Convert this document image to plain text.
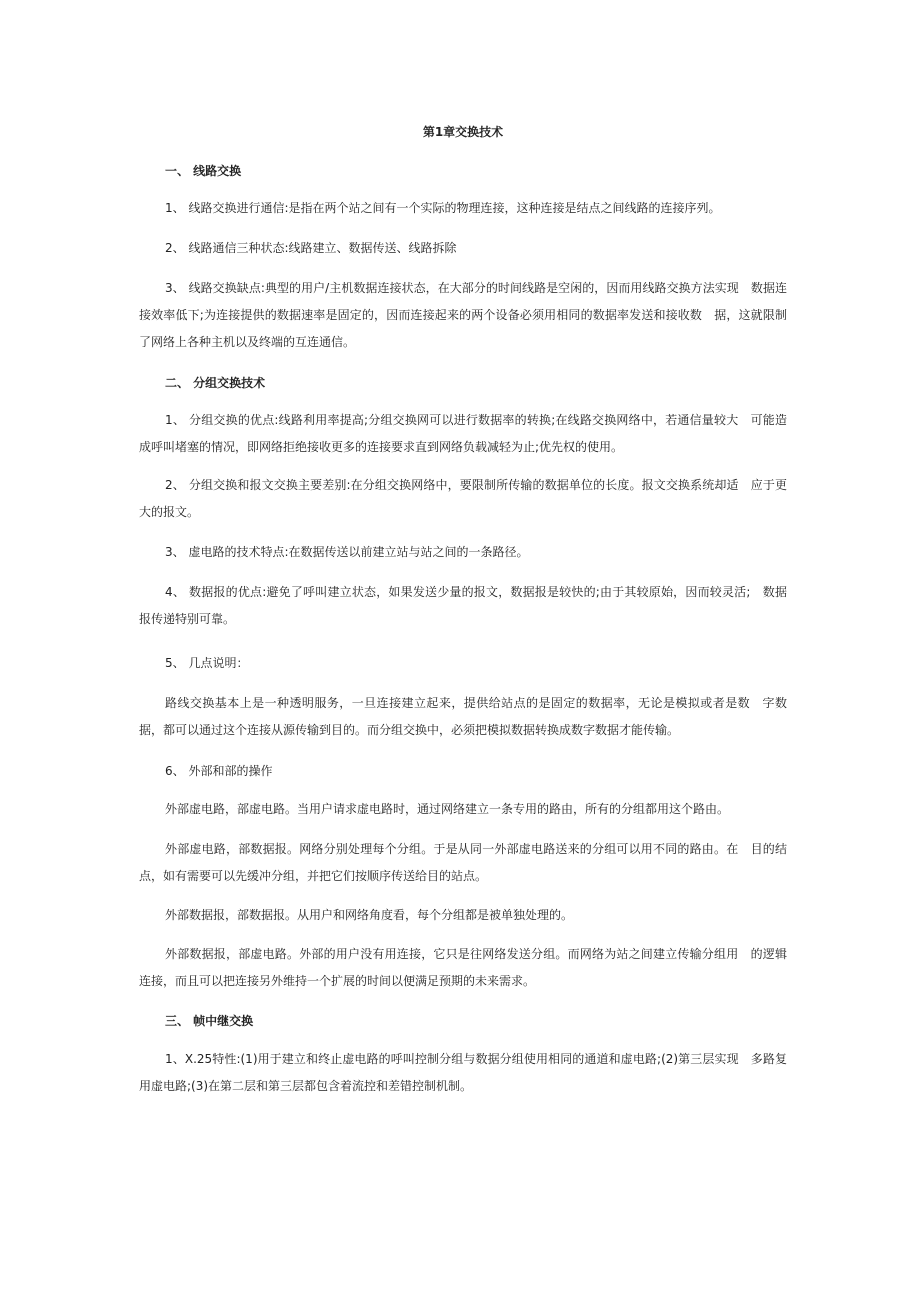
第1章交换技术
一、 线路交换

1、 线路交换进行通信:是指在两个站之间有一个实际的物理连接，这种连接是结点之间线路的连接序列。

2、 线路通信三种状态:线路建立、数据传送、线路拆除

3、 线路交换缺点:典型的用户/主机数据连接状态，在大部分的时间线路是空闲的，因而用线路交换方法实现　数据连接效率低下;为连接提供的数据速率是固定的，因而连接起来的两个设备必须用相同的数据率发送和接收数　据，这就限制了网络上各种主机以及终端的互连通信。

二、 分组交换技术

1、 分组交换的优点:线路利用率提高;分组交换网可以进行数据率的转换;在线路交换网络中，若通信量较大　可能造成呼叫堵塞的情况，即网络拒绝接收更多的连接要求直到网络负载减轻为止;优先权的使用。

2、 分组交换和报文交换主要差别:在分组交换网络中，要限制所传输的数据单位的长度。报文交换系统却适　应于更大的报文。

3、 虚电路的技术特点:在数据传送以前建立站与站之间的一条路径。

4、 数据报的优点:避免了呼叫建立状态，如果发送少量的报文，数据报是较快的;由于其较原始，因而较灵活;　数据报传递特别可靠。

5、 几点说明：

路线交换基本上是一种透明服务，一旦连接建立起来，提供给站点的是固定的数据率，无论是模拟或者是数　字数据，都可以通过这个连接从源传输到目的。而分组交换中，必须把模拟数据转换成数字数据才能传输。

6、 外部和部的操作

外部虚电路，部虚电路。当用户请求虚电路时，通过网络建立一条专用的路由，所有的分组都用这个路由。

外部虚电路，部数据报。网络分别处理每个分组。于是从同一外部虚电路送来的分组可以用不同的路由。在　目的结点，如有需要可以先缓冲分组，并把它们按顺序传送给目的站点。

外部数据报，部数据报。从用户和网络角度看，每个分组都是被单独处理的。

外部数据报，部虚电路。外部的用户没有用连接，它只是往网络发送分组。而网络为站之间建立传输分组用　的逻辑连接，而且可以把连接另外维持一个扩展的时间以便满足预期的未来需求。

三、 帧中继交换

1、X.25特性:(1)用于建立和终止虚电路的呼叫控制分组与数据分组使用相同的通道和虚电路;(2)第三层实现　多路复用虚电路;(3)在第二层和第三层都包含着流控和差错控制机制。
